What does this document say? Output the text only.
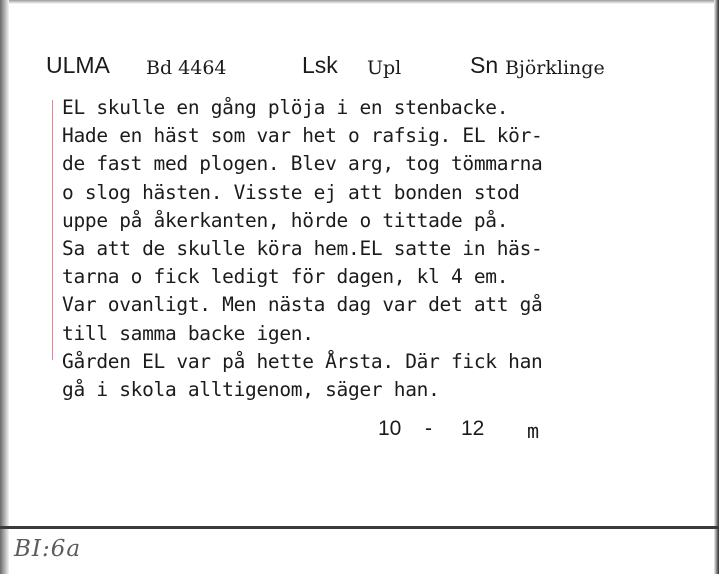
ULMA Bd 4464	Lsk Upl	Sn Björklinge
EL skulle en gång plöja i en stenbacke.
Hade en häst som var het o rafsig. EL kör-
de fast med plogen. Blev arg, tog tömmarna
o slog hästen. Visste ej att bonden stod
uppe på åkerkanten, hörde o tittade på.
Sa att de skulle köra hem.EL satte in häs-
tarna o fick ledigt för dagen, kl 4 em.
Var ovanligt. Men nästa dag var det att gå
till samma backe igen.
Gården EL var på hette Årsta. Där fick han
gå i skola alltigenom, säger han.
10 - 12 m
BI:6a
